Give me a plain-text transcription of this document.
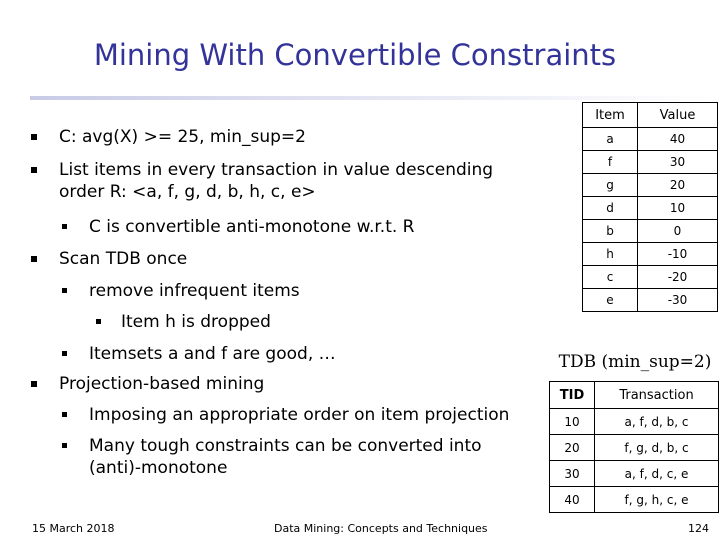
Mining With Convertible Constraints
C: avg(X) >= 25, min_sup=2
List items in every transaction in value descending order R: <a, f, g, d, b, h, c, e>
C is convertible anti-monotone w.r.t. R
Scan TDB once
remove infrequent items
Item h is dropped
Itemsets a and f are good, …
Projection-based mining
Imposing an appropriate order on item projection
Many tough constraints can be converted into (anti)-monotone
Item	Value
a	40
f	30
g	20
d	10
b	0
h	-10
c	-20
e	-30
TDB (min_sup=2)
TID	Transaction
10	a, f, d, b, c
20	f, g, d, b, c
30	a, f, d, c, e
40	f, g, h, c, e
15 March 2018	Data Mining: Concepts and Techniques	124
